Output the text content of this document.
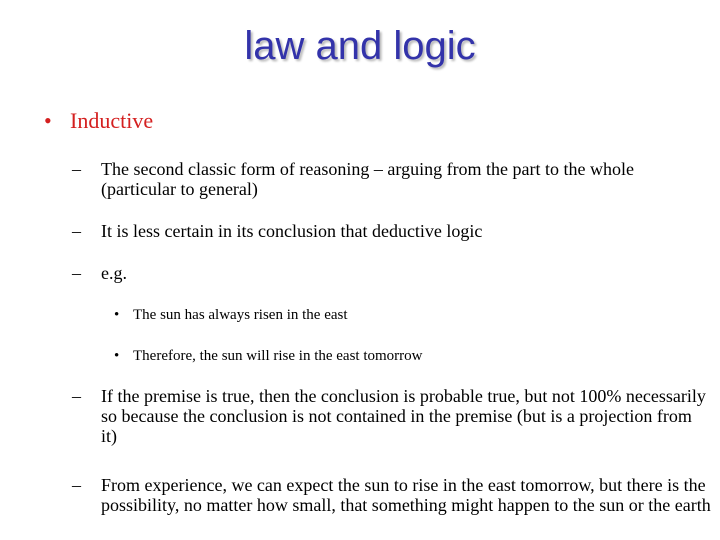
law and logic
• Inductive
– The second classic form of reasoning – arguing from the part to the whole (particular to general)
– It is less certain in its conclusion that deductive logic
– e.g.
• The sun has always risen in the east
• Therefore, the sun will rise in the east tomorrow
– If the premise is true, then the conclusion is probable true, but not 100% necessarily so because the conclusion is not contained in the premise (but is a projection from it)
– From experience, we can expect the sun to rise in the east tomorrow, but there is the possibility, no matter how small, that something might happen to the sun or the earth
